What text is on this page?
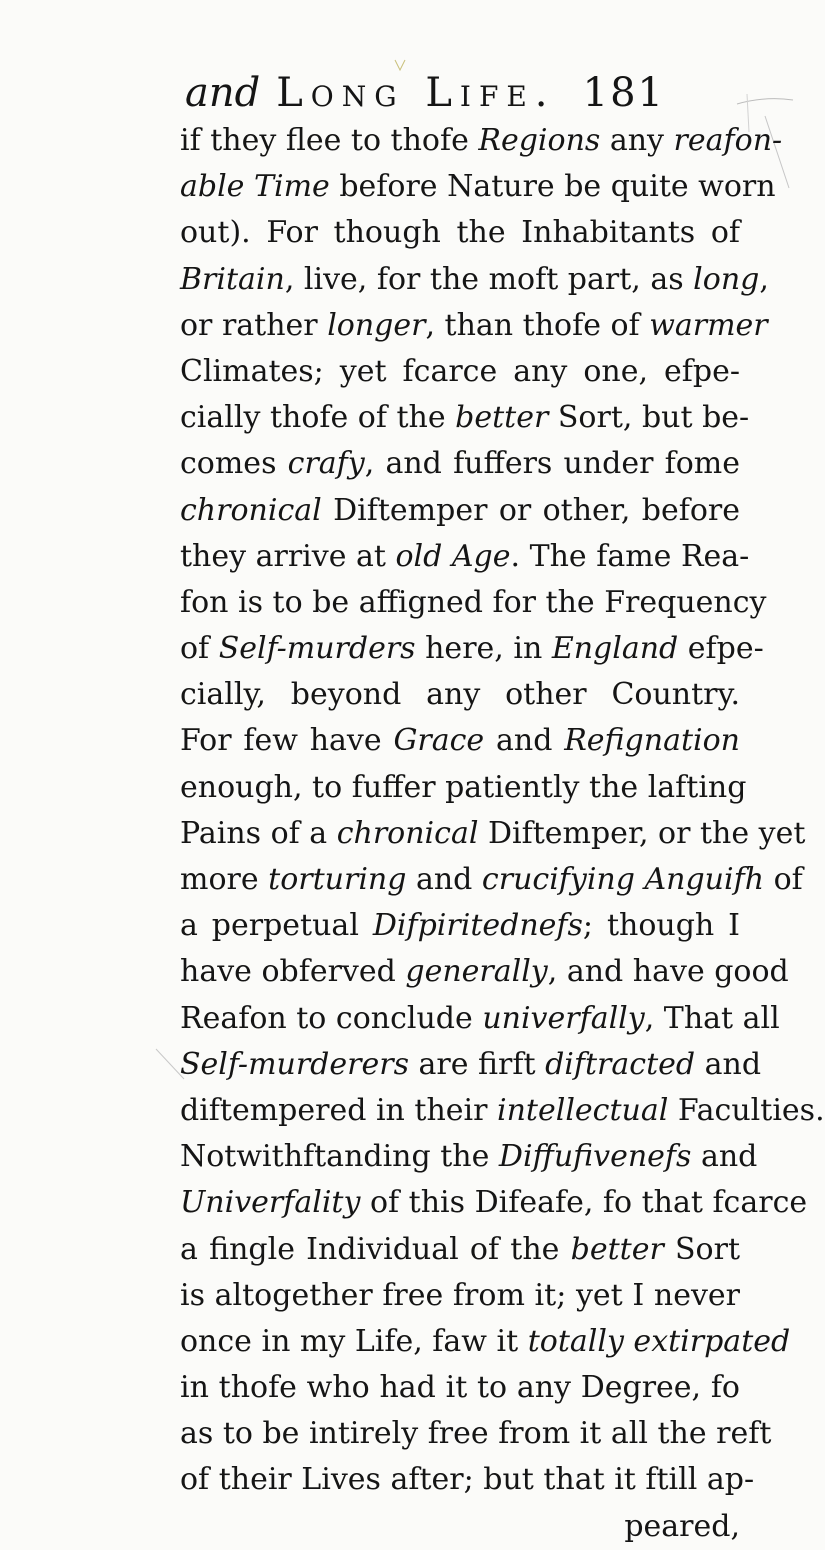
and Long Life. 181
if they flee to thofe Regions any reafon-
able Time before Nature be quite worn
out). For though the Inhabitants of
Britain, live, for the moft part, as long,
or rather longer, than thofe of warmer
Climates; yet fcarce any one, efpe-
cially thofe of the better Sort, but be-
comes crafy, and fuffers under fome
chronical Diftemper or other, before
they arrive at old Age. The fame Rea-
fon is to be affigned for the Frequency
of Self-murders here, in England efpe-
cially, beyond any other Country.
For few have Grace and Refignation
enough, to fuffer patiently the lafting
Pains of a chronical Diftemper, or the yet
more torturing and crucifying Anguifh of
a perpetual Difpiritednefs; though I
have obferved generally, and have good
Reafon to conclude univerfally, That all
Self-murderers are firft diftracted and
diftempered in their intellectual Faculties.
Notwithftanding the Diffufivenefs and
Univerfality of this Difeafe, fo that fcarce
a fingle Individual of the better Sort
is altogether free from it; yet I never
once in my Life, faw it totally extirpated
in thofe who had it to any Degree, fo
as to be intirely free from it all the reft
of their Lives after; but that it ftill ap-
peared,
